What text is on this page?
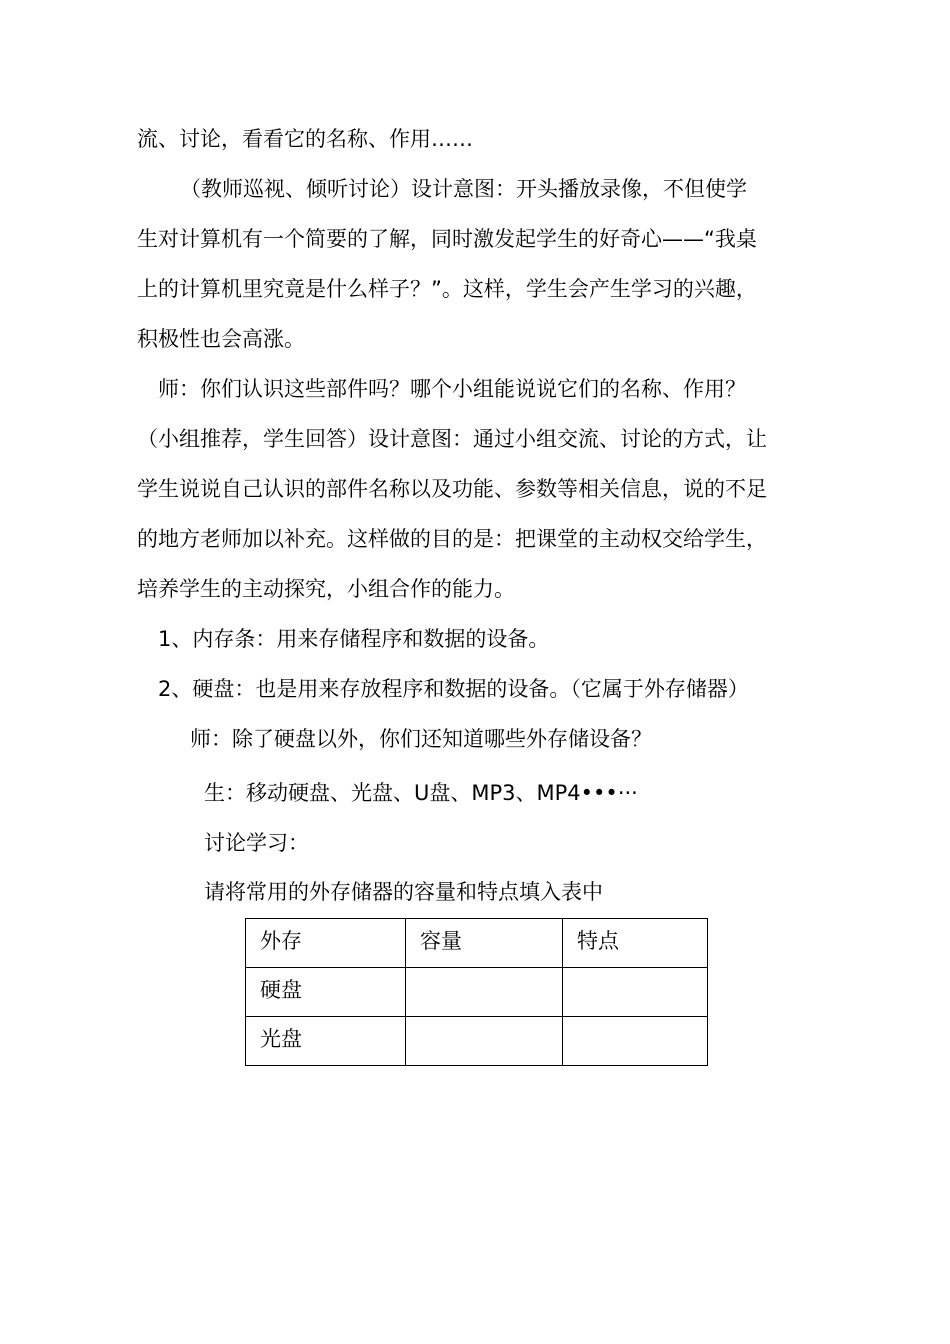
流、讨论，看看它的名称、作用……
（教师巡视、倾听讨论）设计意图：开头播放录像，不但使学
生对计算机有一个简要的了解，同时激发起学生的好奇心——“我桌
上的计算机里究竟是什么样子？”。这样，学生会产生学习的兴趣，
积极性也会高涨。
师：你们认识这些部件吗？哪个小组能说说它们的名称、作用？
（小组推荐，学生回答）设计意图：通过小组交流、讨论的方式，让
学生说说自己认识的部件名称以及功能、参数等相关信息，说的不足
的地方老师加以补充。这样做的目的是：把课堂的主动权交给学生，
培养学生的主动探究，小组合作的能力。
1、内存条：用来存储程序和数据的设备。
2、硬盘：也是用来存放程序和数据的设备。（它属于外存储器）
师：除了硬盘以外，你们还知道哪些外存储设备？
生：移动硬盘、光盘、U盘、MP3、MP4•••···
讨论学习：
请将常用的外存储器的容量和特点填入表中
外存	容量	特点
硬盘		
光盘		
